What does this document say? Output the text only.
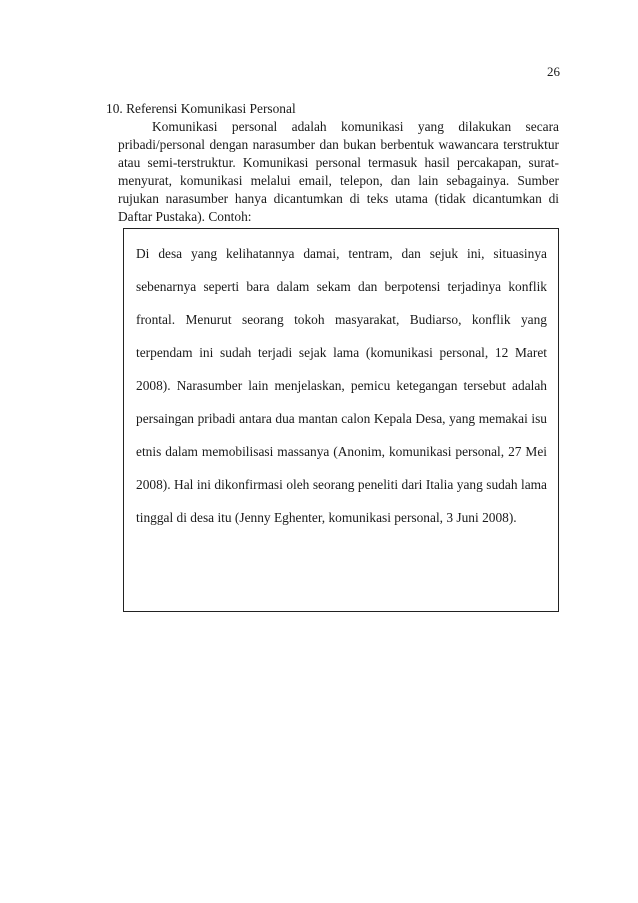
26
10. Referensi Komunikasi Personal

Komunikasi personal adalah komunikasi yang dilakukan secara pribadi/personal dengan narasumber dan bukan berbentuk wawancara terstruktur atau semi-terstruktur. Komunikasi personal termasuk hasil percakapan, surat-menyurat, komunikasi melalui email, telepon, dan lain sebagainya. Sumber rujukan narasumber hanya dicantumkan di teks utama (tidak dicantumkan di Daftar Pustaka). Contoh:

Di desa yang kelihatannya damai, tentram, dan sejuk ini, situasinya sebenarnya seperti bara dalam sekam dan berpotensi terjadinya konflik frontal. Menurut seorang tokoh masyarakat, Budiarso, konflik yang terpendam ini sudah terjadi sejak lama (komunikasi personal, 12 Maret 2008). Narasumber lain menjelaskan, pemicu ketegangan tersebut adalah persaingan pribadi antara dua mantan calon Kepala Desa, yang memakai isu etnis dalam memobilisasi massanya (Anonim, komunikasi personal, 27 Mei 2008). Hal ini dikonfirmasi oleh seorang peneliti dari Italia yang sudah lama tinggal di desa itu (Jenny Eghenter, komunikasi personal, 3 Juni 2008).
